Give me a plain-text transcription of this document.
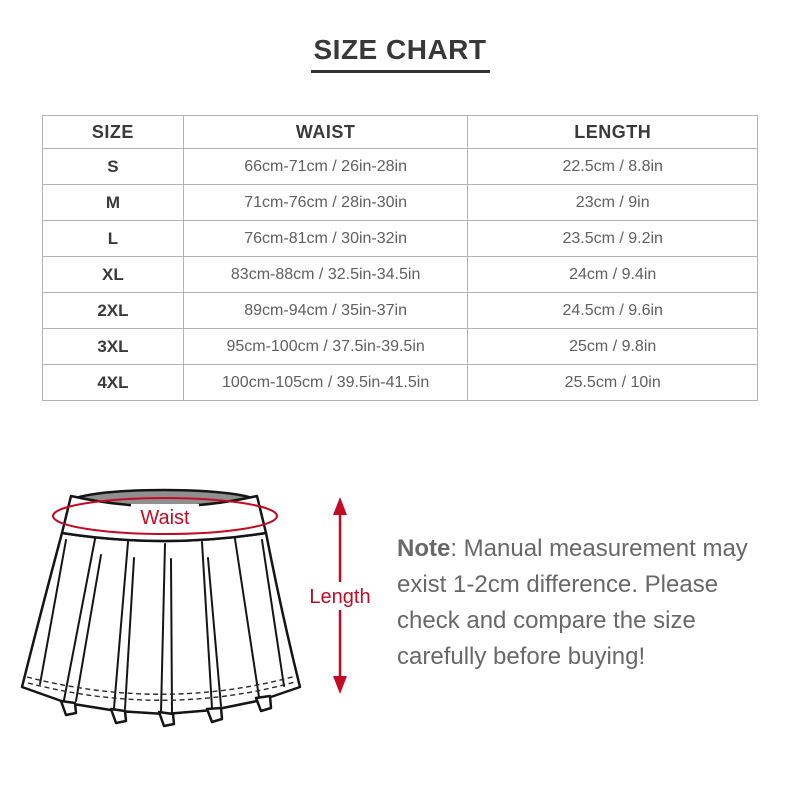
SIZE CHART
SIZE	WAIST	LENGTH
S	66cm-71cm / 26in-28in	22.5cm / 8.8in
M	71cm-76cm / 28in-30in	23cm / 9in
L	76cm-81cm / 30in-32in	23.5cm / 9.2in
XL	83cm-88cm / 32.5in-34.5in	24cm / 9.4in
2XL	89cm-94cm / 35in-37in	24.5cm / 9.6in
3XL	95cm-100cm / 37.5in-39.5in	25cm / 9.8in
4XL	100cm-105cm / 39.5in-41.5in	25.5cm / 10in
Waist
Length
Note: Manual measurement may
exist 1-2cm difference. Please
check and compare the size
carefully before buying!
